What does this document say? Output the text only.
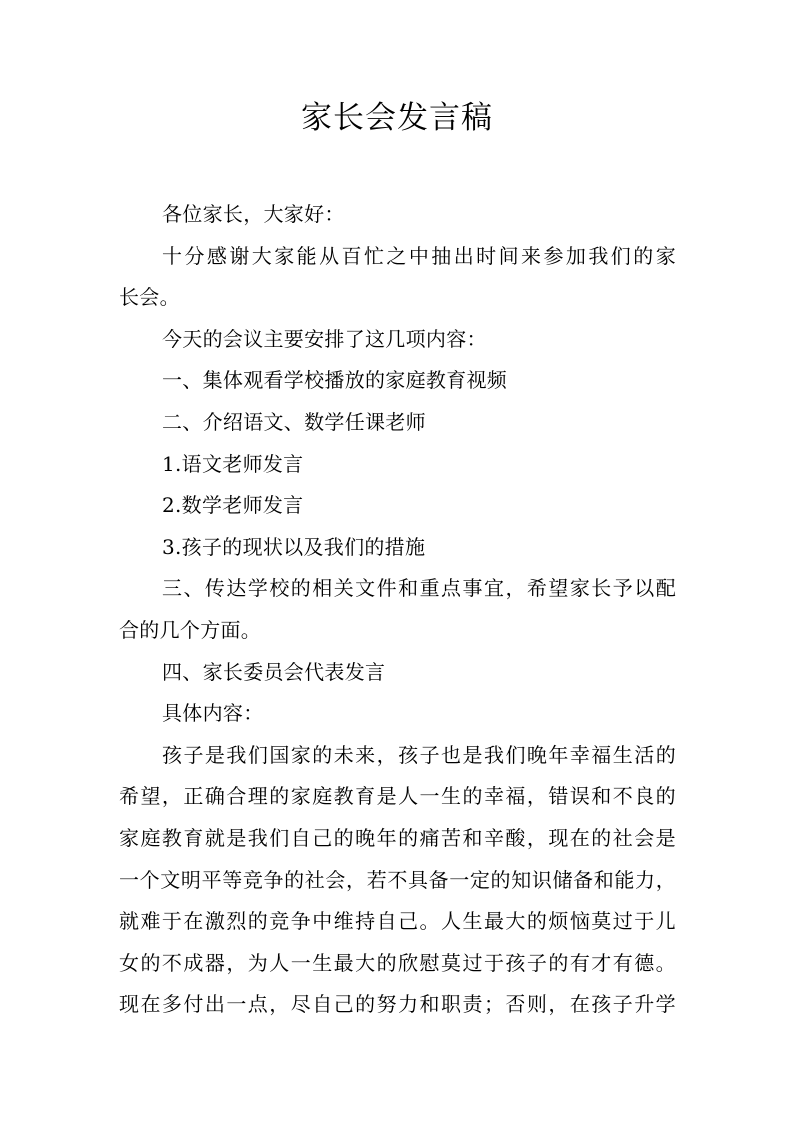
家长会发言稿
各位家长，大家好：
十分感谢大家能从百忙之中抽出时间来参加我们的家
长会。
今天的会议主要安排了这几项内容：
一、集体观看学校播放的家庭教育视频
二、介绍语文、数学任课老师
1.语文老师发言
2.数学老师发言
3.孩子的现状以及我们的措施
三、传达学校的相关文件和重点事宜，希望家长予以配
合的几个方面。
四、家长委员会代表发言
具体内容：
孩子是我们国家的未来，孩子也是我们晚年幸福生活的
希望，正确合理的家庭教育是人一生的幸福，错误和不良的
家庭教育就是我们自己的晚年的痛苦和辛酸，现在的社会是
一个文明平等竞争的社会，若不具备一定的知识储备和能力，
就难于在激烈的竞争中维持自己。人生最大的烦恼莫过于儿
女的不成器，为人一生最大的欣慰莫过于孩子的有才有德。
现在多付出一点，尽自己的努力和职责；否则，在孩子升学
